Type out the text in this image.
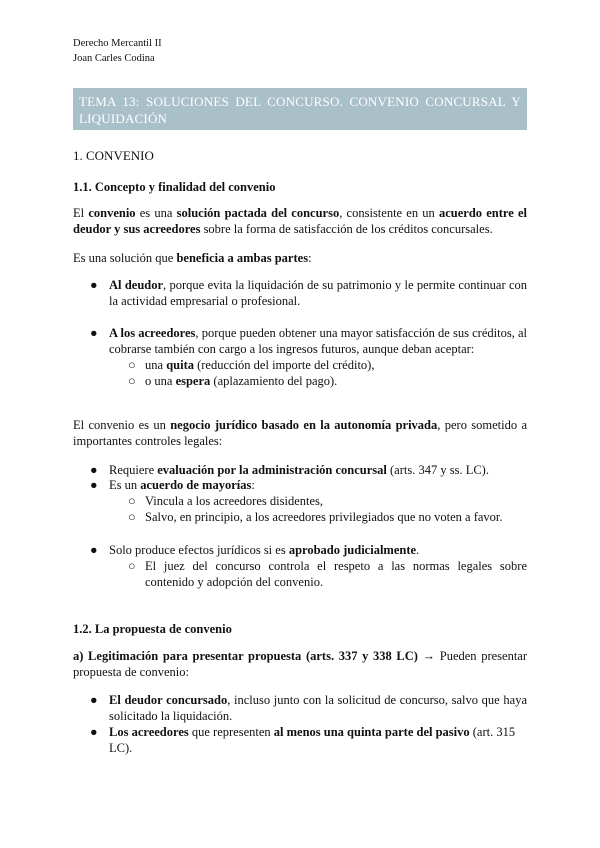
Derecho Mercantil II
Joan Carles Codina
TEMA 13: SOLUCIONES DEL CONCURSO. CONVENIO CONCURSAL Y LIQUIDACIÓN
1. CONVENIO
1.1. Concepto y finalidad del convenio
El convenio es una solución pactada del concurso, consistente en un acuerdo entre el deudor y sus acreedores sobre la forma de satisfacción de los créditos concursales.
Es una solución que beneficia a ambas partes:
● Al deudor, porque evita la liquidación de su patrimonio y le permite continuar con la actividad empresarial o profesional.
● A los acreedores, porque pueden obtener una mayor satisfacción de sus créditos, al cobrarse también con cargo a los ingresos futuros, aunque deban aceptar:
○ una quita (reducción del importe del crédito),
○ o una espera (aplazamiento del pago).
El convenio es un negocio jurídico basado en la autonomía privada, pero sometido a importantes controles legales:
● Requiere evaluación por la administración concursal (arts. 347 y ss. LC).
● Es un acuerdo de mayorías:
○ Vincula a los acreedores disidentes,
○ Salvo, en principio, a los acreedores privilegiados que no voten a favor.
● Solo produce efectos jurídicos si es aprobado judicialmente.
○ El juez del concurso controla el respeto a las normas legales sobre contenido y adopción del convenio.
1.2. La propuesta de convenio
a) Legitimación para presentar propuesta (arts. 337 y 338 LC) → Pueden presentar propuesta de convenio:
● El deudor concursado, incluso junto con la solicitud de concurso, salvo que haya solicitado la liquidación.
● Los acreedores que representen al menos una quinta parte del pasivo (art. 315 LC).
